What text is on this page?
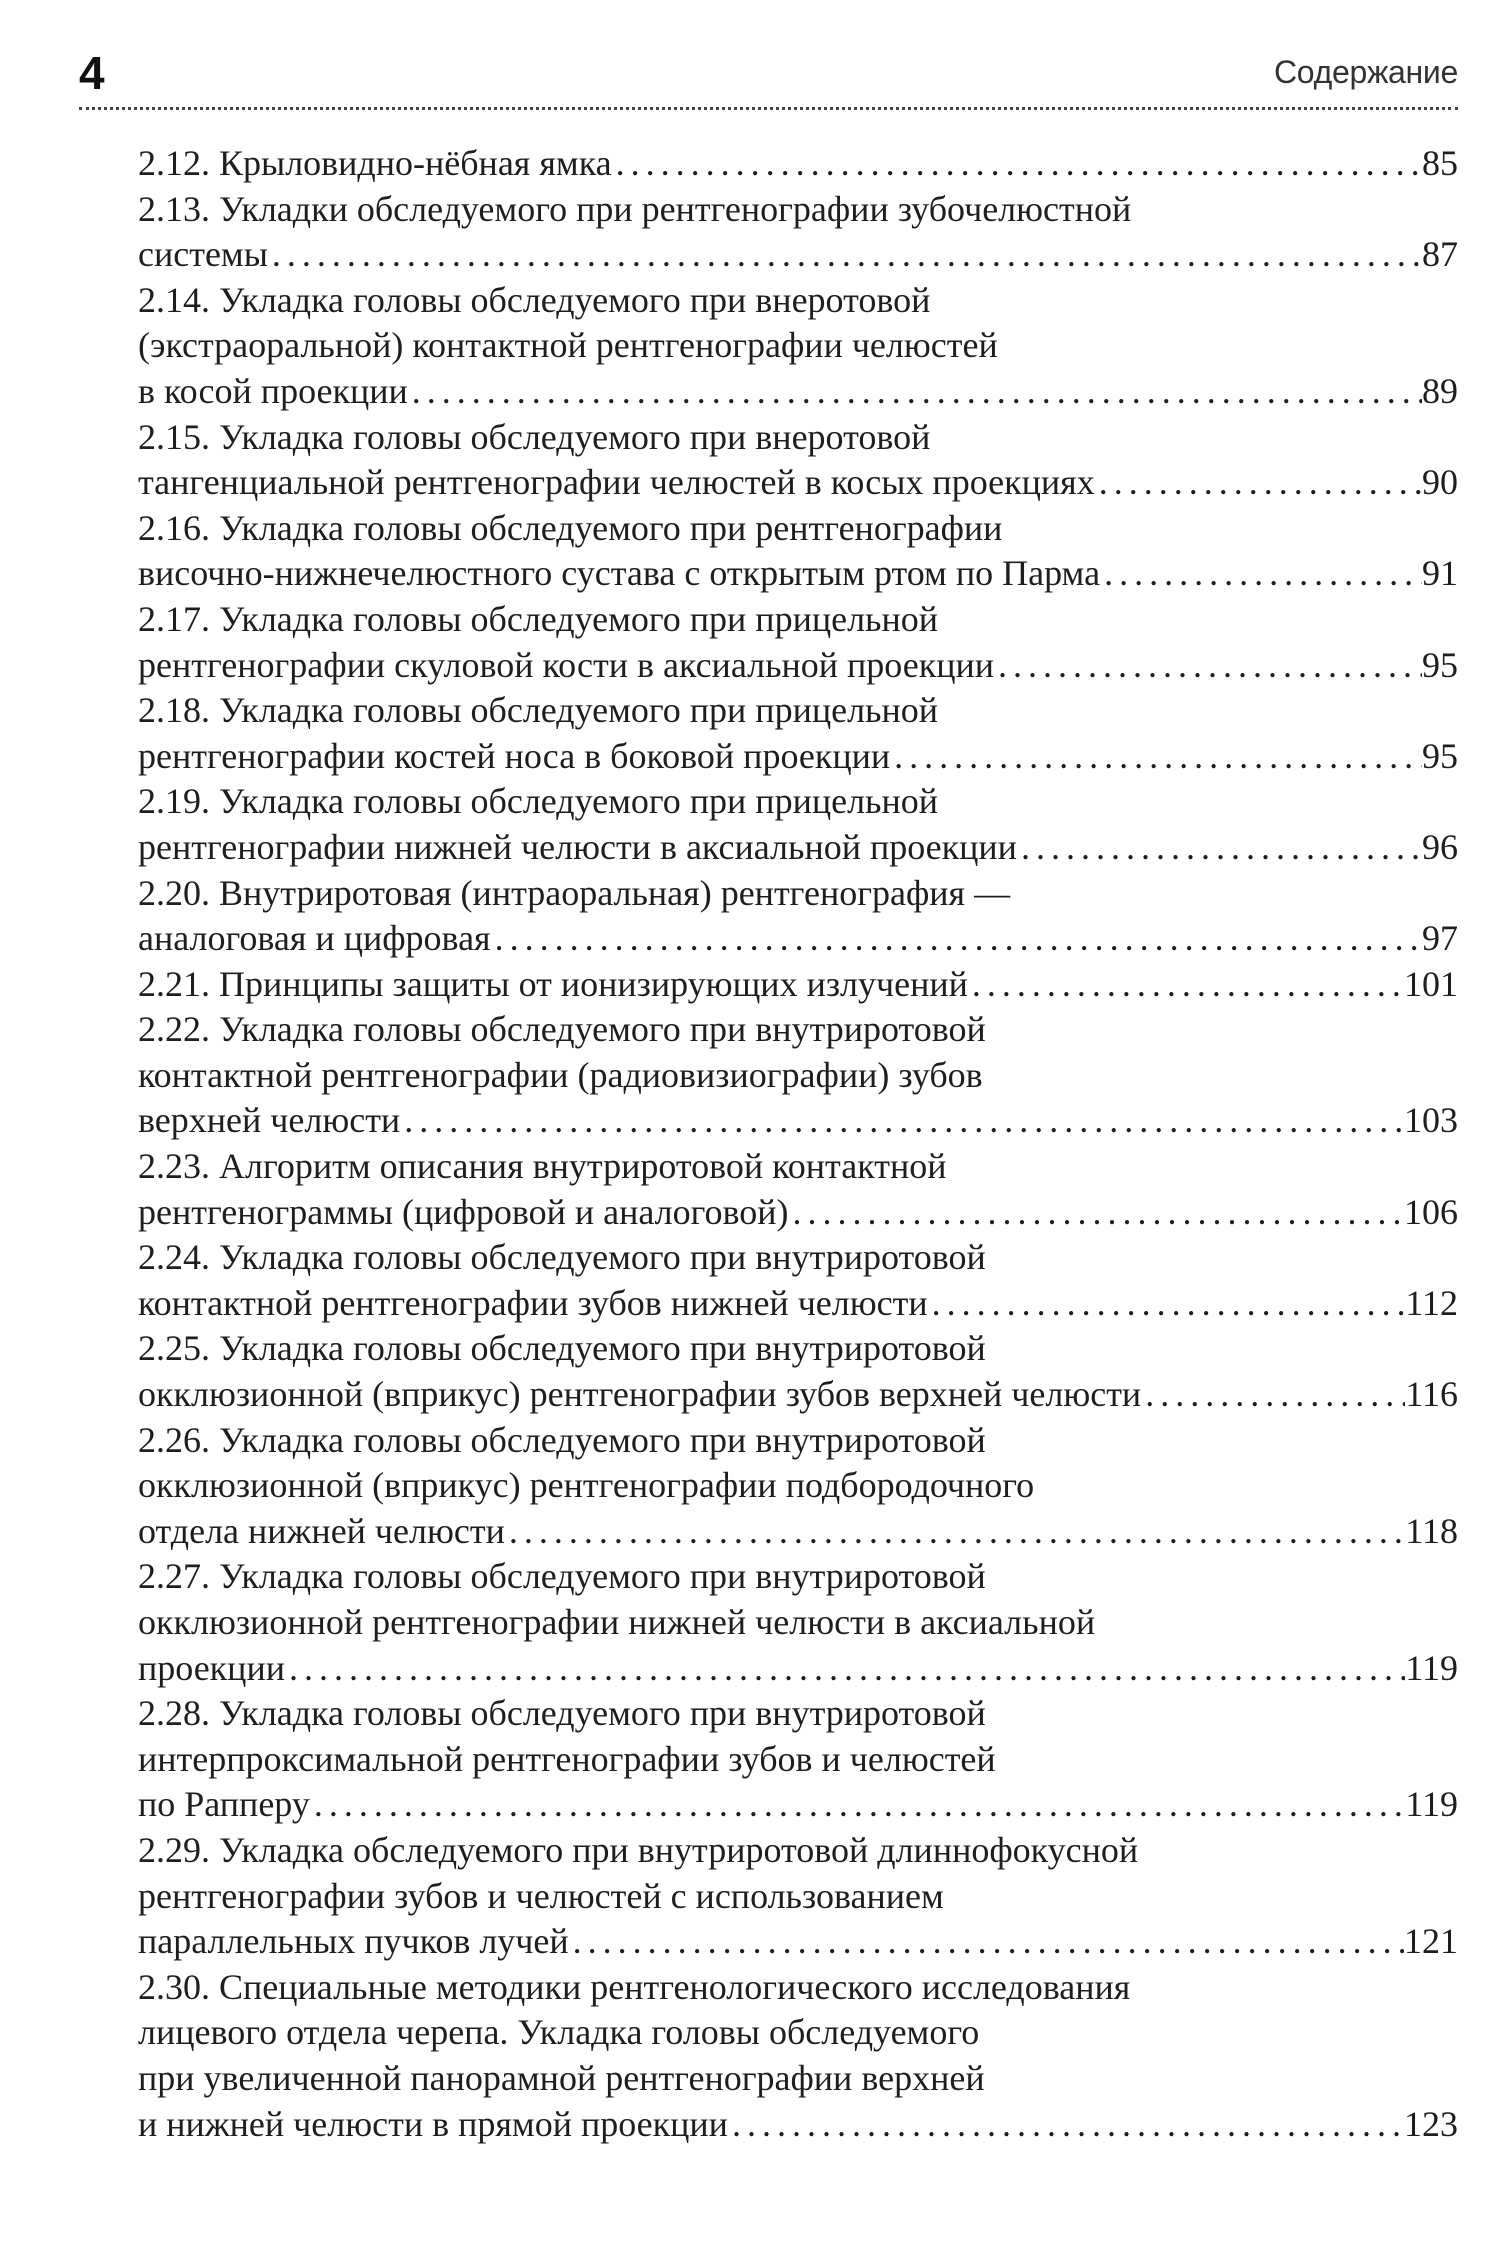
4	Содержание
2.12. Крыловидно-нёбная ямка . . .	85
2.13. Укладки обследуемого при рентгенографии зубочелюстной
системы . . .	87
2.14. Укладка головы обследуемого при внеротовой
(экстраоральной) контактной рентгенографии челюстей
в косой проекции . . .	89
2.15. Укладка головы обследуемого при внеротовой
тангенциальной рентгенографии челюстей в косых проекциях . . .	90
2.16. Укладка головы обследуемого при рентгенографии
височно-нижнечелюстного сустава с открытым ртом по Парма . . .	91
2.17. Укладка головы обследуемого при прицельной
рентгенографии скуловой кости в аксиальной проекции . . .	95
2.18. Укладка головы обследуемого при прицельной
рентгенографии костей носа в боковой проекции . . .	95
2.19. Укладка головы обследуемого при прицельной
рентгенографии нижней челюсти в аксиальной проекции . . .	96
2.20. Внутриротовая (интраоральная) рентгенография —
аналоговая и цифровая . . .	97
2.21. Принципы защиты от ионизирующих излучений . . .	101
2.22. Укладка головы обследуемого при внутриротовой
контактной рентгенографии (радиовизиографии) зубов
верхней челюсти . . .	103
2.23. Алгоритм описания внутриротовой контактной
рентгенограммы (цифровой и аналоговой) . . .	106
2.24. Укладка головы обследуемого при внутриротовой
контактной рентгенографии зубов нижней челюсти . . .	112
2.25. Укладка головы обследуемого при внутриротовой
окклюзионной (вприкус) рентгенографии зубов верхней челюсти . . .	116
2.26. Укладка головы обследуемого при внутриротовой
окклюзионной (вприкус) рентгенографии подбородочного
отдела нижней челюсти . . .	118
2.27. Укладка головы обследуемого при внутриротовой
окклюзионной рентгенографии нижней челюсти в аксиальной
проекции . . .	119
2.28. Укладка головы обследуемого при внутриротовой
интерпроксимальной рентгенографии зубов и челюстей
по Рапперу . . .	119
2.29. Укладка обследуемого при внутриротовой длиннофокусной
рентгенографии зубов и челюстей с использованием
параллельных пучков лучей . . .	121
2.30. Специальные методики рентгенологического исследования
лицевого отдела черепа. Укладка головы обследуемого
при увеличенной панорамной рентгенографии верхней
и нижней челюсти в прямой проекции . . .	123
